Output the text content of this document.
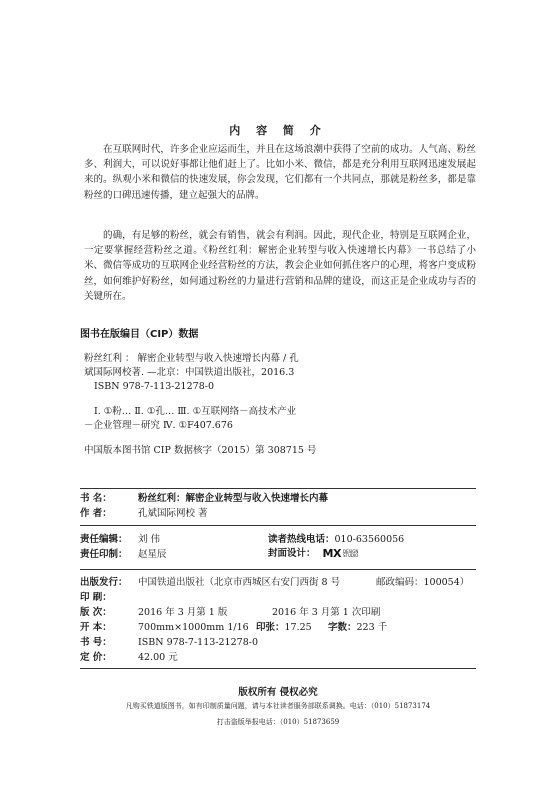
内 容 简 介

在互联网时代，许多企业应运而生，并且在这场浪潮中获得了空前的成功。人气高、粉丝多、利润大，可以说好事都让他们赶上了。比如小米、微信，都是充分利用互联网迅速发展起来的。纵观小米和微信的快速发展，你会发现，它们都有一个共同点，那就是粉丝多，都是靠粉丝的口碑迅速传播，建立起强大的品牌。

的确，有足够的粉丝，就会有销售，就会有利润。因此，现代企业，特别是互联网企业，一定要掌握经营粉丝之道。《粉丝红利：解密企业转型与收入快速增长内幕》一书总结了小米、微信等成功的互联网企业经营粉丝的方法，教会企业如何抓住客户的心理，将客户变成粉丝，如何维护好粉丝，如何通过粉丝的力量进行营销和品牌的建设，而这正是企业成功与否的关键所在。

图书在版编目（CIP）数据
粉丝红利 ： 解密企业转型与收入快速增长内幕 / 孔
斌国际网校著. —北京：中国铁道出版社，2016.3
ISBN 978-7-113-21278-0
Ⅰ. ①粉… Ⅱ. ①孔… Ⅲ. ①互联网络－高技术产业
－企业管理－研究 Ⅳ. ①F407.676
中国版本图书馆 CIP 数据核字（2015）第 308715 号
书 名：	粉丝红利：解密企业转型与收入快速增长内幕
作 者：	孔斌国际网校 著
责任编辑： 刘 伟	读者热线电话：010-63560056
责任印制： 赵星辰	封面设计： MX DESIGN
STUDIO
出版发行： 中国铁道出版社（北京市西城区右安门西街 8 号	邮政编码：100054）
印 刷：
版 次：	2016 年 3 月第 1 版	2016 年 3 月第 1 次印刷
开 本：	700mm×1000mm 1/16 印张：17.25 字数：223 千
书 号：	ISBN 978-7-113-21278-0
定 价：	42.00 元
版权所有 侵权必究
凡购买铁道版图书，如有印制质量问题，请与本社读者服务部联系调换。电话：（010）51873174
打击盗版举报电话：（010）51873659
